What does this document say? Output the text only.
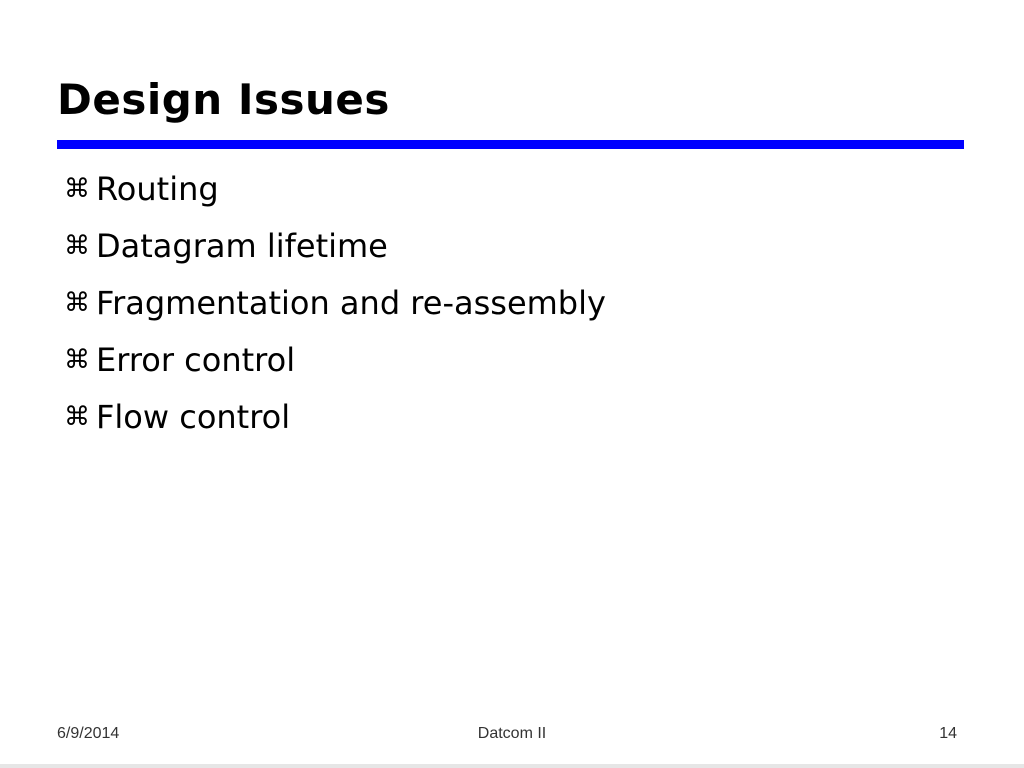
Design Issues
⌘ Routing
⌘ Datagram lifetime
⌘ Fragmentation and re-assembly
⌘ Error control
⌘ Flow control
6/9/2014	Datcom II	14
